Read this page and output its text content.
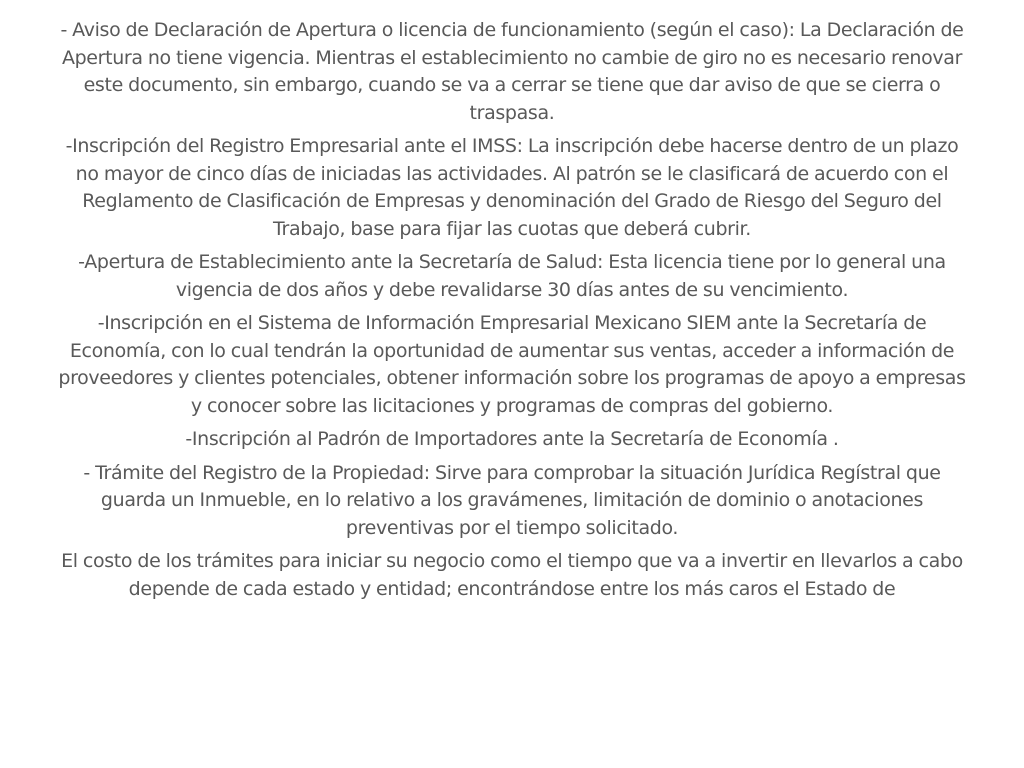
- Aviso de Declaración de Apertura o licencia de funcionamiento (según el caso): La Declaración de Apertura no tiene vigencia. Mientras el establecimiento no cambie de giro no es necesario renovar este documento, sin embargo, cuando se va a cerrar se tiene que dar aviso de que se cierra o traspasa.

-Inscripción del Registro Empresarial ante el IMSS: La inscripción debe hacerse dentro de un plazo no mayor de cinco días de iniciadas las actividades. Al patrón se le clasificará de acuerdo con el Reglamento de Clasificación de Empresas y denominación del Grado de Riesgo del Seguro del Trabajo, base para fijar las cuotas que deberá cubrir.

-Apertura de Establecimiento ante la Secretaría de Salud: Esta licencia tiene por lo general una vigencia de dos años y debe revalidarse 30 días antes de su vencimiento.

-Inscripción en el Sistema de Información Empresarial Mexicano SIEM ante la Secretaría de Economía, con lo cual tendrán la oportunidad de aumentar sus ventas, acceder a información de proveedores y clientes potenciales, obtener información sobre los programas de apoyo a empresas y conocer sobre las licitaciones y programas de compras del gobierno.

-Inscripción al Padrón de Importadores ante la Secretaría de Economía .

- Trámite del Registro de la Propiedad: Sirve para comprobar la situación Jurídica Regístral que guarda un Inmueble, en lo relativo a los gravámenes, limitación de dominio o anotaciones preventivas por el tiempo solicitado.

El costo de los trámites para iniciar su negocio como el tiempo que va a invertir en llevarlos a cabo depende de cada estado y entidad; encontrándose entre los más caros el Estado de
